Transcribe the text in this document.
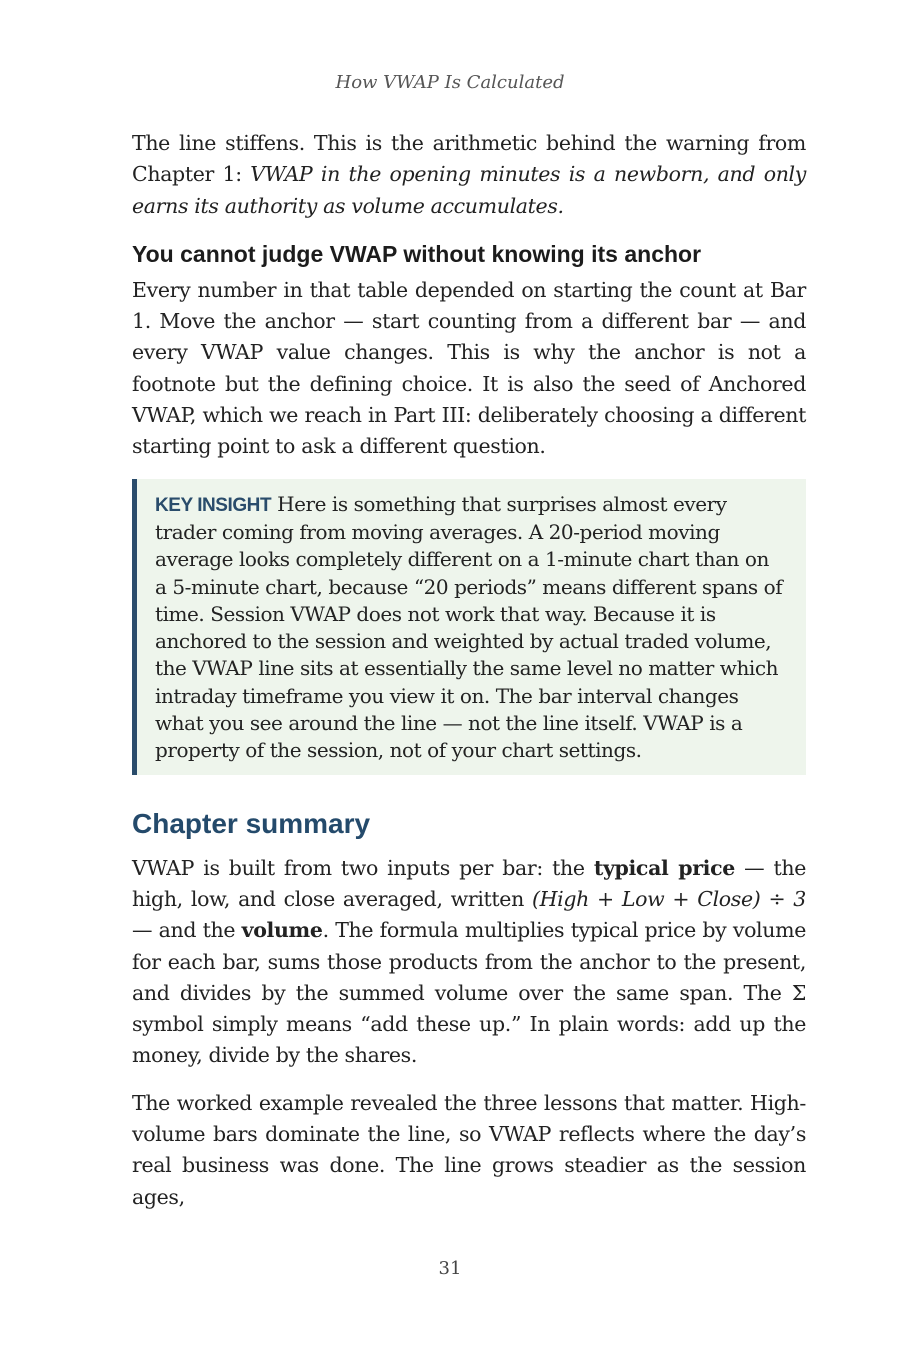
How VWAP Is Calculated

The line stiffens. This is the arithmetic behind the warning from Chapter 1: VWAP in the opening minutes is a newborn, and only earns its authority as volume accumulates.

You cannot judge VWAP without knowing its anchor

Every number in that table depended on starting the count at Bar 1. Move the anchor — start counting from a different bar — and every VWAP value changes. This is why the anchor is not a footnote but the defining choice. It is also the seed of Anchored VWAP, which we reach in Part III: deliberately choosing a different starting point to ask a different question.

KEY INSIGHT Here is something that surprises almost every trader coming from moving averages. A 20-period moving average looks completely different on a 1-minute chart than on a 5-minute chart, because “20 periods” means different spans of time. Session VWAP does not work that way. Because it is anchored to the session and weighted by actual traded volume, the VWAP line sits at essentially the same level no matter which intraday timeframe you view it on. The bar interval changes what you see around the line — not the line itself. VWAP is a property of the session, not of your chart settings.

Chapter summary

VWAP is built from two inputs per bar: the typical price — the high, low, and close averaged, written (High + Low + Close) ÷ 3 — and the volume. The formula multiplies typical price by volume for each bar, sums those products from the anchor to the present, and divides by the summed volume over the same span. The Σ symbol simply means “add these up.” In plain words: add up the money, divide by the shares.

The worked example revealed the three lessons that matter. High-volume bars dominate the line, so VWAP reflects where the day’s real business was done. The line grows steadier as the session ages,

31
